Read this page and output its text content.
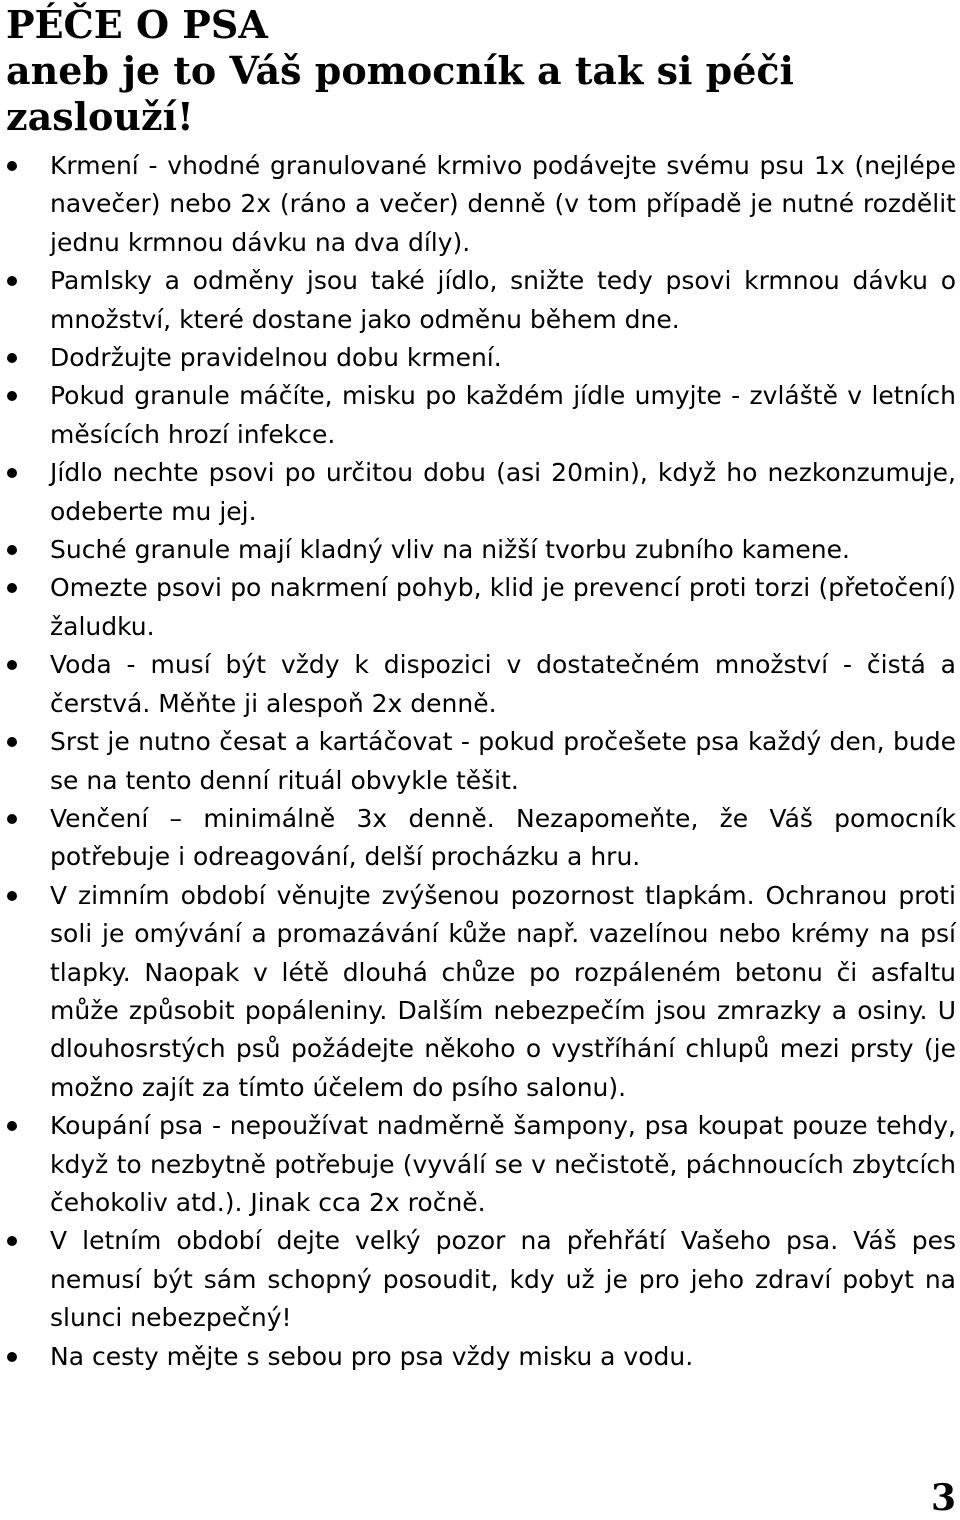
PÉČE O PSA
aneb je to Váš pomocník a tak si péči zaslouží!
Krmení - vhodné granulované krmivo podávejte svému psu 1x (nejlépe navečer) nebo 2x (ráno a večer) denně (v tom případě je nutné rozdělit jednu krmnou dávku na dva díly).
Pamlsky a odměny jsou také jídlo, snižte tedy psovi krmnou dávku o množství, které dostane jako odměnu během dne.
Dodržujte pravidelnou dobu krmení.
Pokud granule máčíte, misku po každém jídle umyjte - zvláště v letních měsících hrozí infekce.
Jídlo nechte psovi po určitou dobu (asi 20min), když ho nezkonzumuje, odeberte mu jej.
Suché granule mají kladný vliv na nižší tvorbu zubního kamene.
Omezte psovi po nakrmení pohyb, klid je prevencí proti torzi (přetočení) žaludku.
Voda - musí být vždy k dispozici v dostatečném množství - čistá a čerstvá. Měňte ji alespoň 2x denně.
Srst je nutno česat a kartáčovat - pokud pročešete psa každý den, bude se na tento denní rituál obvykle těšit.
Venčení – minimálně 3x denně. Nezapomeňte, že Váš pomocník potřebuje i odreagování, delší procházku a hru.
V zimním období věnujte zvýšenou pozornost tlapkám. Ochranou proti soli je omývání a promazávání kůže např. vazelínou nebo krémy na psí tlapky. Naopak v létě dlouhá chůze po rozpáleném betonu či asfaltu může způsobit popáleniny. Dalším nebezpečím jsou zmrazky a osiny. U dlouhosrstých psů požádejte někoho o vystříhání chlupů mezi prsty (je možno zajít za tímto účelem do psího salonu).
Koupání psa - nepoužívat nadměrně šampony, psa koupat pouze tehdy, když to nezbytně potřebuje (vyválí se v nečistotě, páchnoucích zbytcích čehokoliv atd.). Jinak cca 2x ročně.
V letním období dejte velký pozor na přehřátí Vašeho psa. Váš pes nemusí být sám schopný posoudit, kdy už je pro jeho zdraví pobyt na slunci nebezpečný!
Na cesty mějte s sebou pro psa vždy misku a vodu.
3
